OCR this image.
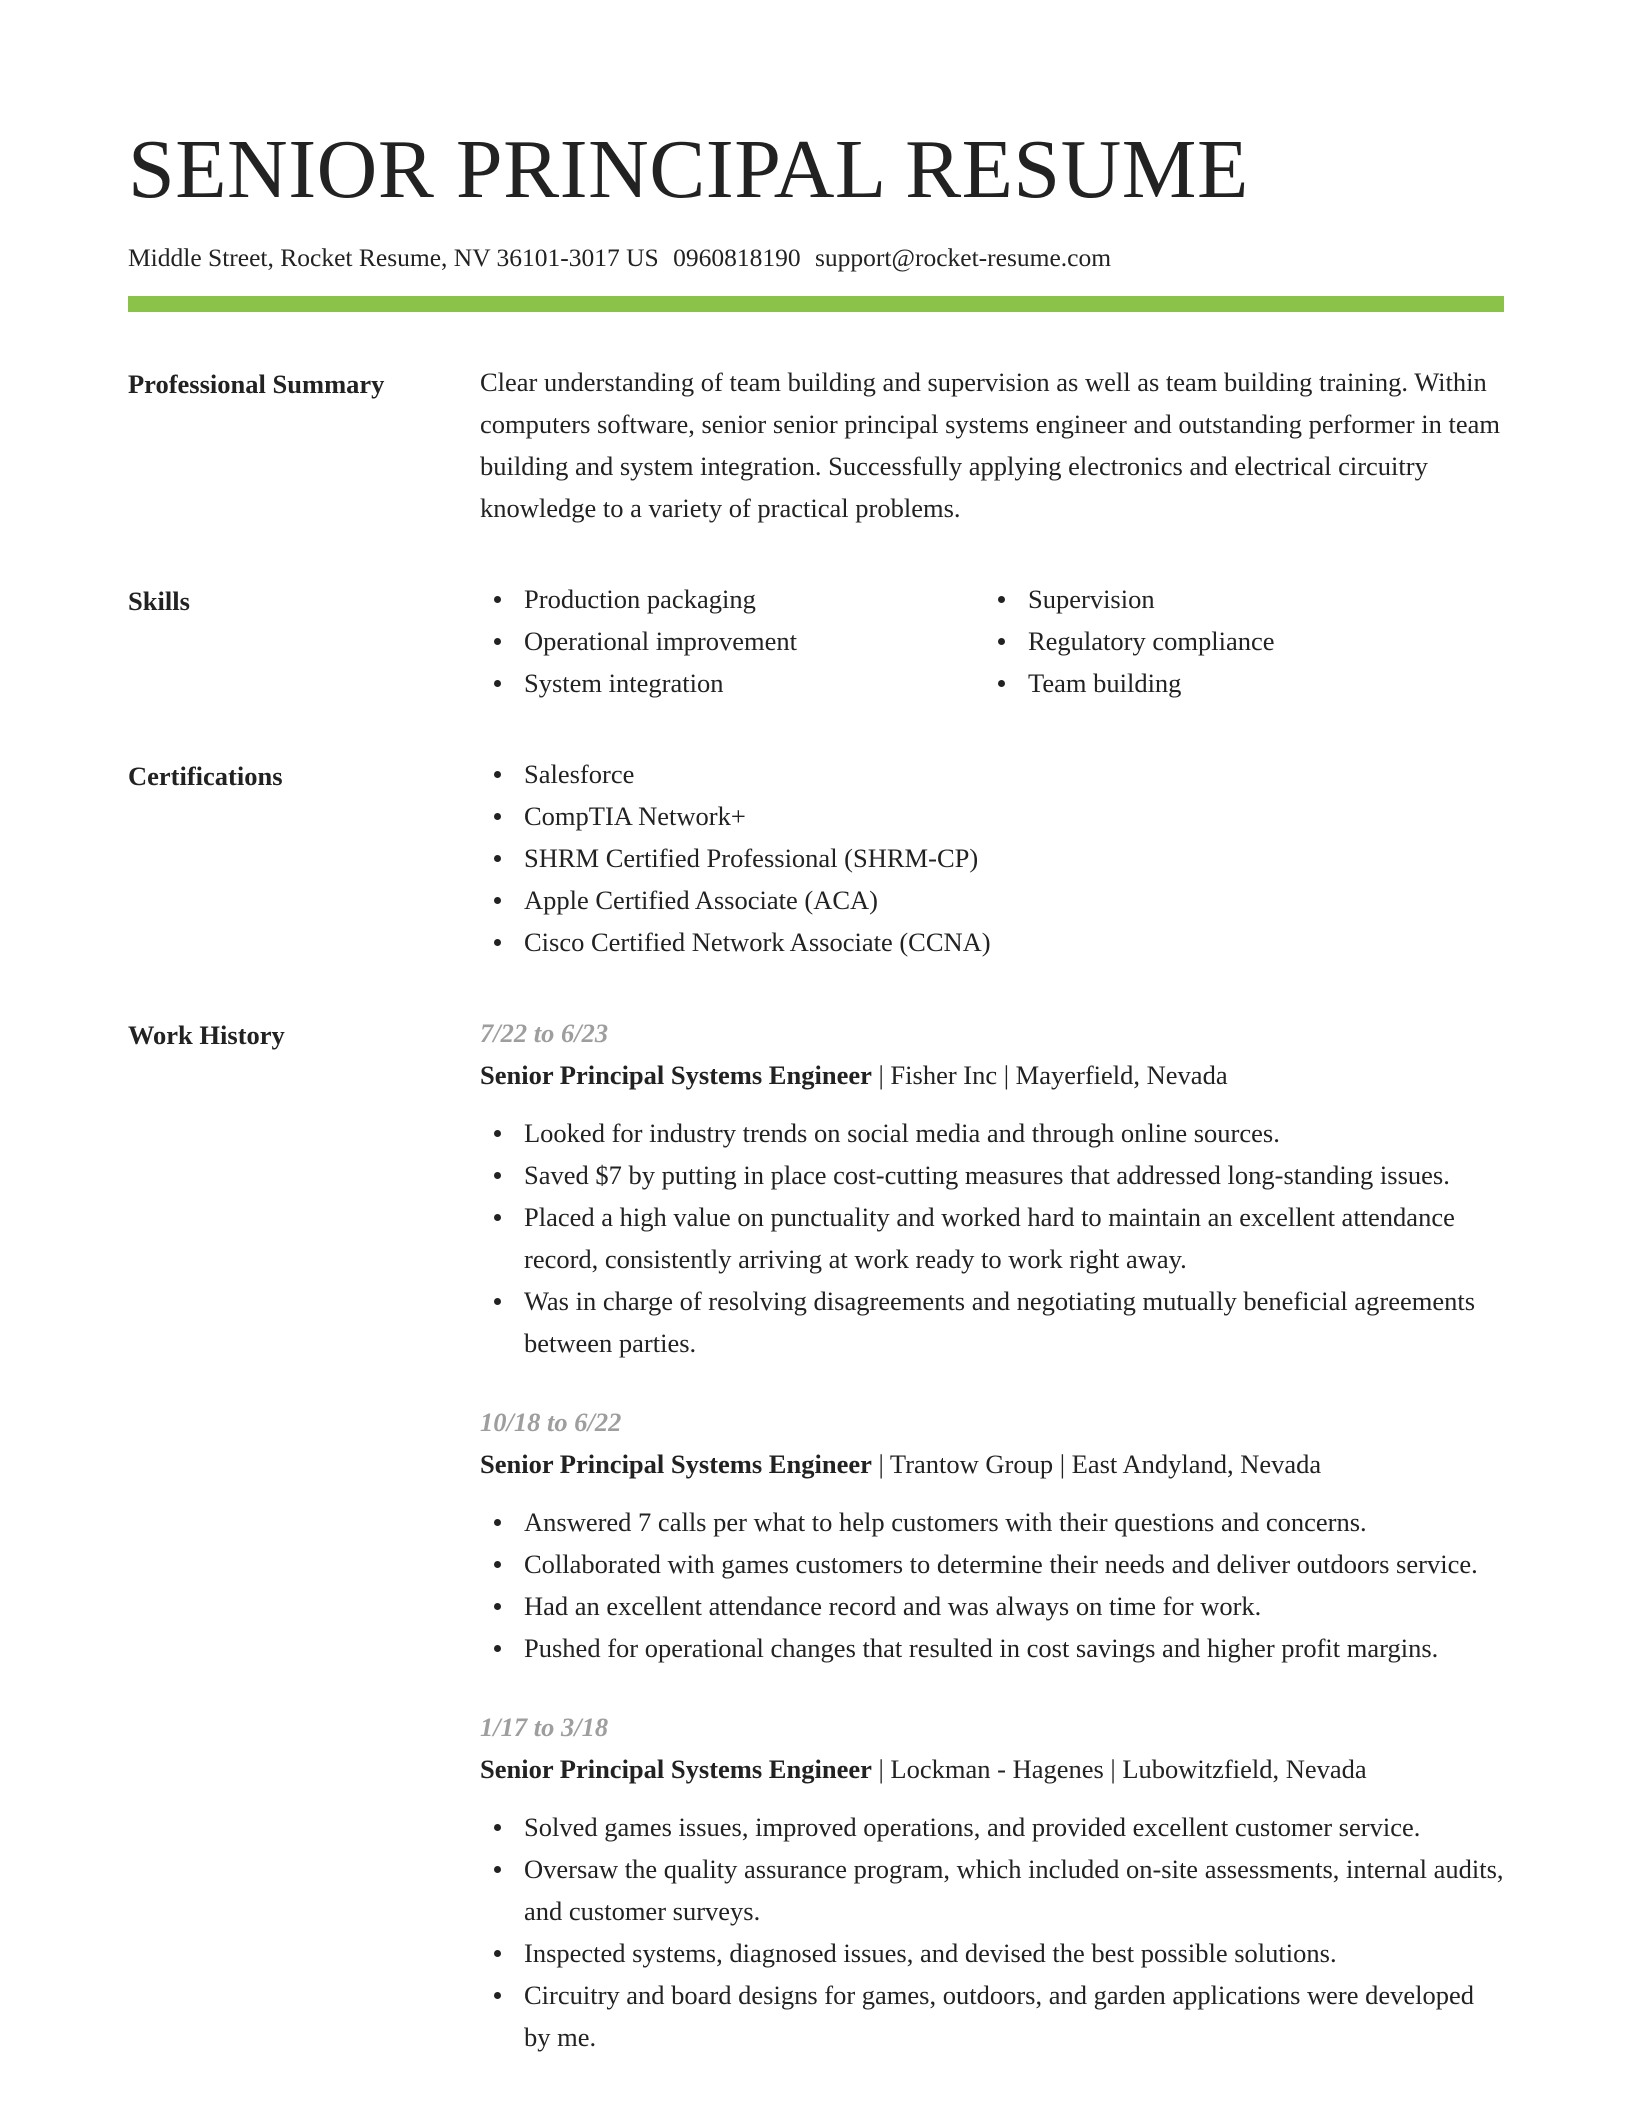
SENIOR PRINCIPAL RESUME
Middle Street, Rocket Resume, NV 36101-3017 US 0960818190 support@rocket-resume.com
Professional Summary	Clear understanding of team building and supervision as well as team building training. Within computers software, senior senior principal systems engineer and outstanding performer in team building and system integration. Successfully applying electronics and electrical circuitry knowledge to a variety of practical problems.
Skills	Production packaging
Operational improvement
System integration
Supervision
Regulatory compliance
Team building
Certifications	Salesforce
CompTIA Network+
SHRM Certified Professional (SHRM-CP)
Apple Certified Associate (ACA)
Cisco Certified Network Associate (CCNA)
Work History	7/22 to 6/23
Senior Principal Systems Engineer | Fisher Inc | Mayerfield, Nevada
Looked for industry trends on social media and through online sources.
Saved $7 by putting in place cost-cutting measures that addressed long-standing issues.
Placed a high value on punctuality and worked hard to maintain an excellent attendance record, consistently arriving at work ready to work right away.
Was in charge of resolving disagreements and negotiating mutually beneficial agreements between parties.
10/18 to 6/22
Senior Principal Systems Engineer | Trantow Group | East Andyland, Nevada
Answered 7 calls per what to help customers with their questions and concerns.
Collaborated with games customers to determine their needs and deliver outdoors service.
Had an excellent attendance record and was always on time for work.
Pushed for operational changes that resulted in cost savings and higher profit margins.
1/17 to 3/18
Senior Principal Systems Engineer | Lockman - Hagenes | Lubowitzfield, Nevada
Solved games issues, improved operations, and provided excellent customer service.
Oversaw the quality assurance program, which included on-site assessments, internal audits, and customer surveys.
Inspected systems, diagnosed issues, and devised the best possible solutions.
Circuitry and board designs for games, outdoors, and garden applications were developed by me.
